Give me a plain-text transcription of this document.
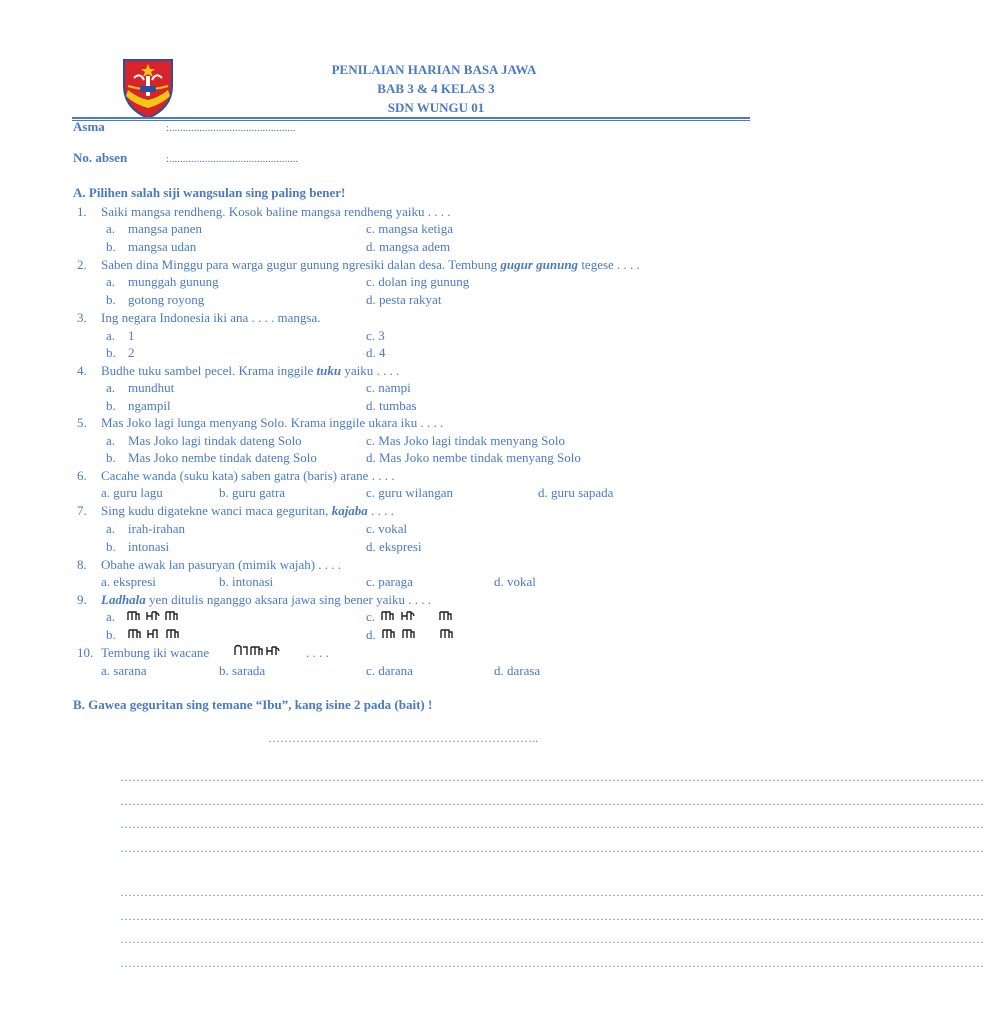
PENILAIAN HARIAN BASA JAWA
BAB 3 & 4 KELAS 3
SDN WUNGU 01
Asma	:..............................................
No. absen	:...............................................
A. Pilihen salah siji wangsulan sing paling bener!
1. Saiki mangsa rendheng. Kosok baline mangsa rendheng yaiku . . . .
a. mangsa panen
b. mangsa udan
c. mangsa ketiga
d. mangsa adem
2. Saben dina Minggu para warga gugur gunung ngresiki dalan desa. Tembung gugur gunung tegese . . . .
a. munggah gunung
b. gotong royong
c. dolan ing gunung
d. pesta rakyat
3. Ing negara Indonesia iki ana . . . . mangsa.
a. 1
b. 2
c. 3
d. 4
4. Budhe tuku sambel pecel. Krama inggile tuku yaiku . . . .
a. mundhut
b. ngampil
c. nampi
d. tumbas
5. Mas Joko lagi lunga menyang Solo. Krama inggile ukara iku . . . .
a. Mas Joko lagi tindak dateng Solo
b. Mas Joko nembe tindak dateng Solo
c. Mas Joko lagi tindak menyang Solo
d. Mas Joko nembe tindak menyang Solo
6. Cacahe wanda (suku kata) saben gatra (baris) arane . . . .
a. guru lagu	b. guru gatra	c. guru wilangan	d. guru sapada
7. Sing kudu digatekne wanci maca geguritan, kajaba . . . .
a. irah-irahan
b. intonasi
c. vokal
d. ekspresi
8. Obahe awak lan pasuryan (mimik wajah) . . . .
a. ekspresi	b. intonasi	c. paraga	d. vokal
9. Ladhala yen ditulis nganggo aksara jawa sing bener yaiku . . . .
a.
b.
c.
d.
10. Tembung iki wacane	. . . .
a. sarana	b. sarada	c. darana	d. darasa
B. Gawea geguritan sing temane “Ibu”, kang isine 2 pada (bait) !
…………………………………………………………..
………………………………………………………………………………………………………………………………………………………………………………………………
………………………………………………………………………………………………………………………………………………………………………………………………
………………………………………………………………………………………………………………………………………………………………………………………………
………………………………………………………………………………………………………………………………………………………………………………………………
………………………………………………………………………………………………………………………………………………………………………………………………
………………………………………………………………………………………………………………………………………………………………………………………………
………………………………………………………………………………………………………………………………………………………………………………………………
………………………………………………………………………………………………………………………………………………………………………………………………
